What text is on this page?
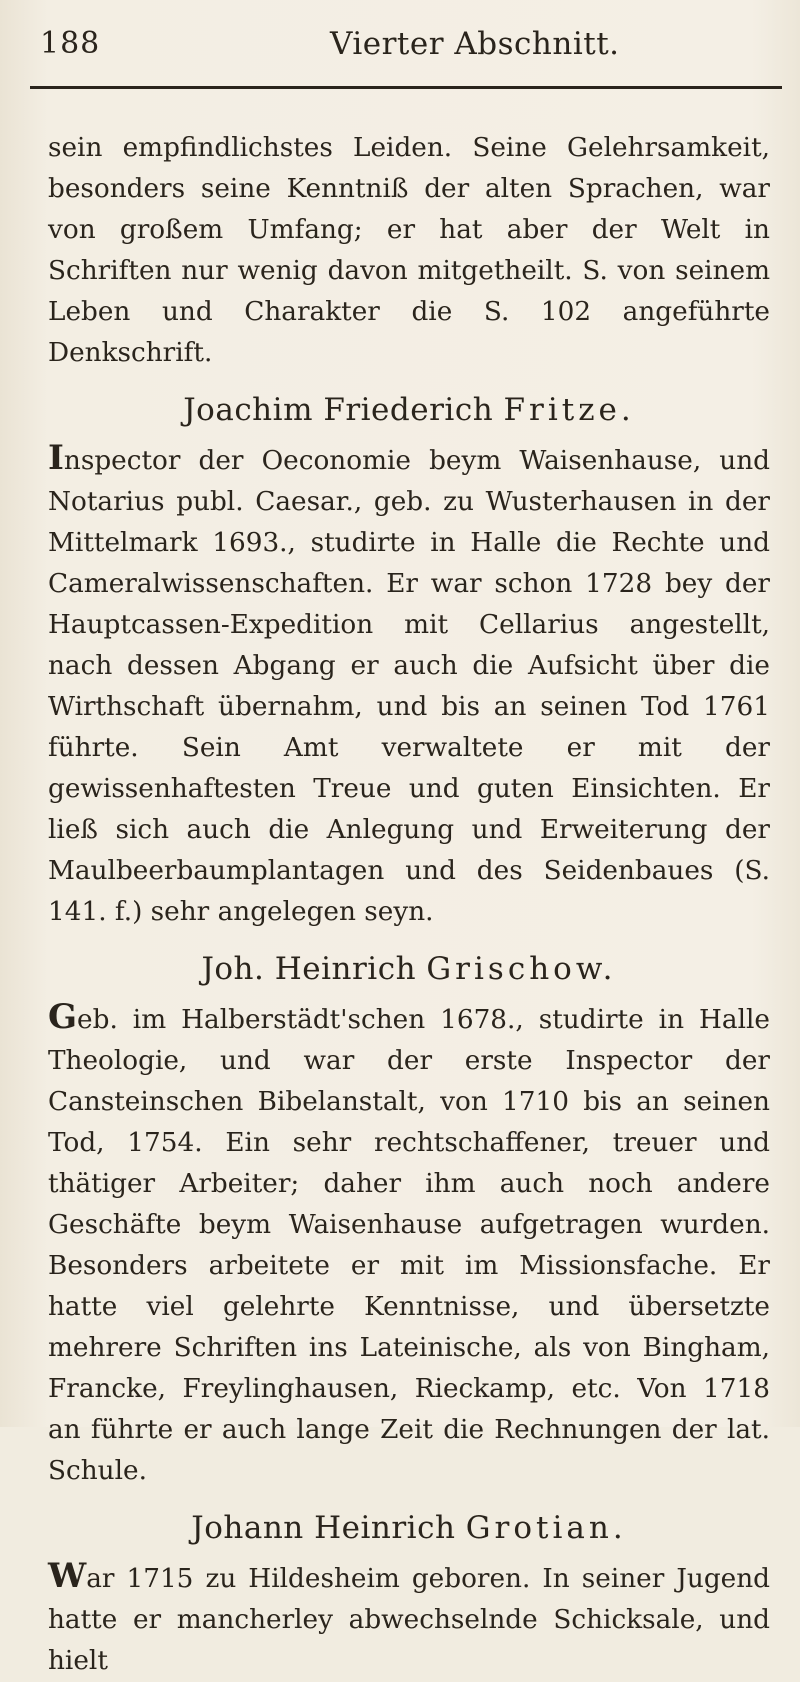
188	Vierter Abschnitt.

sein empfindlichstes Leiden. Seine Gelehrsamkeit, besonders seine Kenntniß der alten Sprachen, war von großem Umfang; er hat aber der Welt in Schriften nur wenig davon mitgetheilt. S. von seinem Leben und Charakter die S. 102 angeführte Denkschrift.

Joachim Friederich Fritze.

Inspector der Oeconomie beym Waisenhause, und Notarius publ. Caesar., geb. zu Wusterhausen in der Mittelmark 1693., studirte in Halle die Rechte und Cameralwissenschaften. Er war schon 1728 bey der Hauptcassen-Expedition mit Cellarius angestellt, nach dessen Abgang er auch die Aufsicht über die Wirthschaft übernahm, und bis an seinen Tod 1761 führte. Sein Amt verwaltete er mit der gewissenhaftesten Treue und guten Einsichten. Er ließ sich auch die Anlegung und Erweiterung der Maulbeerbaumplantagen und des Seidenbaues (S. 141. f.) sehr angelegen seyn.

Joh. Heinrich Grischow.

Geb. im Halberstädt'schen 1678., studirte in Halle Theologie, und war der erste Inspector der Cansteinschen Bibelanstalt, von 1710 bis an seinen Tod, 1754. Ein sehr rechtschaffener, treuer und thätiger Arbeiter; daher ihm auch noch andere Geschäfte beym Waisenhause aufgetragen wurden. Besonders arbeitete er mit im Missionsfache. Er hatte viel gelehrte Kenntnisse, und übersetzte mehrere Schriften ins Lateinische, als von Bingham, Francke, Freylinghausen, Rieckamp, etc. Von 1718 an führte er auch lange Zeit die Rechnungen der lat. Schule.

Johann Heinrich Grotian.

War 1715 zu Hildesheim geboren. In seiner Jugend hatte er mancherley abwechselnde Schicksale, und hielt
